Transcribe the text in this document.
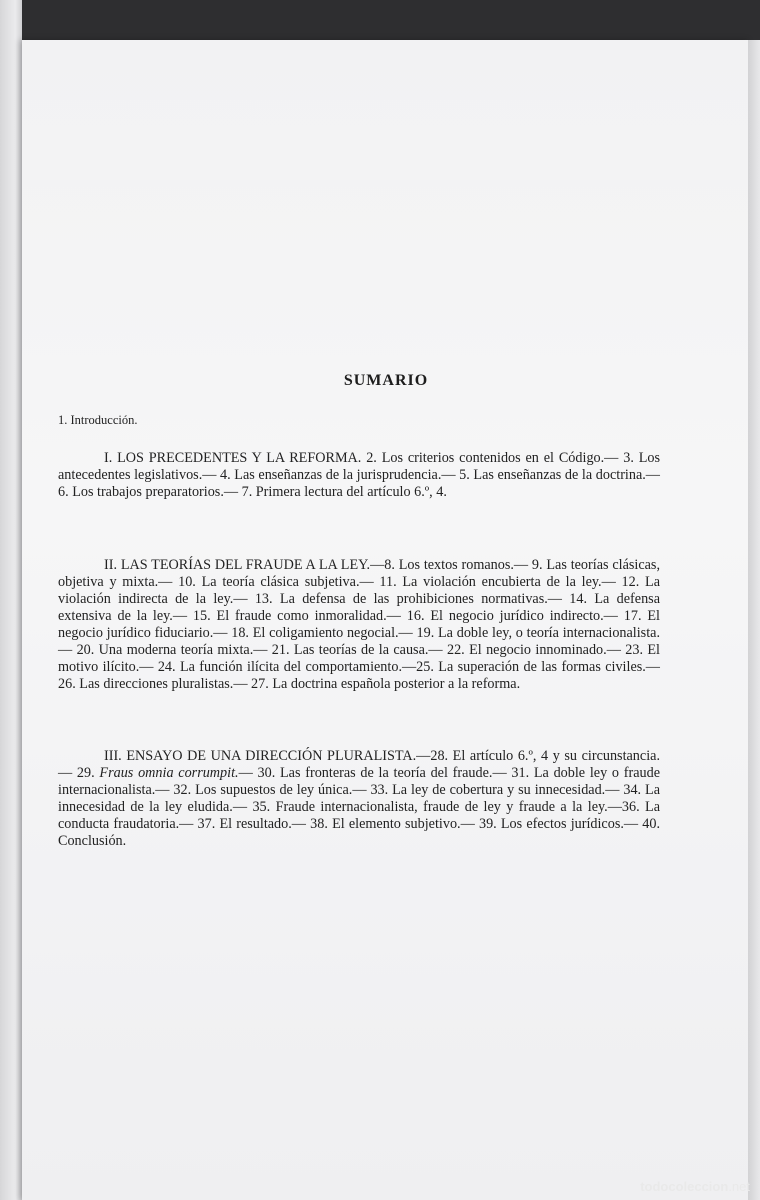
SUMARIO
1. Introducción.
I. LOS PRECEDENTES Y LA REFORMA. 2. Los criterios contenidos en el Código.— 3. Los antecedentes legislativos.— 4. Las enseñanzas de la jurisprudencia.— 5. Las enseñanzas de la doctrina.— 6. Los trabajos preparatorios.— 7. Primera lectura del artículo 6.º, 4.
II. LAS TEORÍAS DEL FRAUDE A LA LEY.—8. Los textos romanos.— 9. Las teorías clásicas, objetiva y mixta.— 10. La teoría clásica subjetiva.— 11. La violación encubierta de la ley.— 12. La violación indirecta de la ley.— 13. La defensa de las prohibiciones normativas.— 14. La defensa extensiva de la ley.— 15. El fraude como inmoralidad.— 16. El negocio jurídico indirecto.— 17. El negocio jurídico fiduciario.— 18. El coligamiento negocial.— 19. La doble ley, o teoría internacionalista.— 20. Una moderna teoría mixta.— 21. Las teorías de la causa.— 22. El negocio innominado.— 23. El motivo ilícito.— 24. La función ilícita del comportamiento.—25. La superación de las formas civiles.— 26. Las direcciones pluralistas.— 27. La doctrina española posterior a la reforma.
III. ENSAYO DE UNA DIRECCIÓN PLURALISTA.—28. El artículo 6.º, 4 y su circunstancia.— 29. Fraus omnia corrumpit.— 30. Las fronteras de la teoría del fraude.— 31. La doble ley o fraude internacionalista.— 32. Los supuestos de ley única.— 33. La ley de cobertura y su innecesidad.— 34. La innecesidad de la ley eludida.— 35. Fraude internacionalista, fraude de ley y fraude a la ley.—36. La conducta fraudatoria.— 37. El resultado.— 38. El elemento subjetivo.— 39. Los efectos jurídicos.— 40. Conclusión.
todocoleccion.net
